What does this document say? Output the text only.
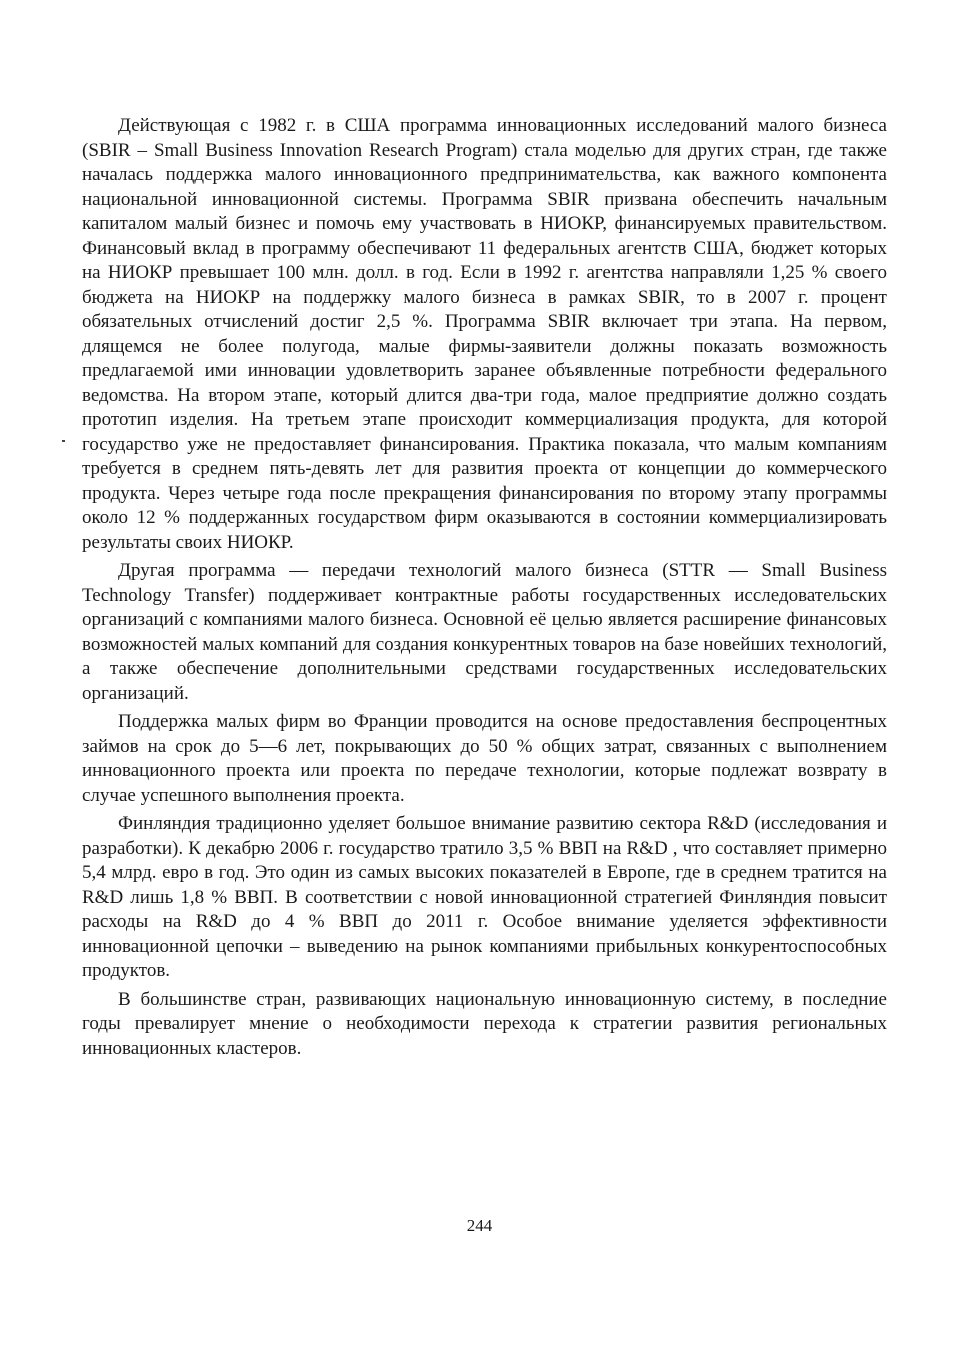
Действующая с 1982 г. в США программа инновационных исследований малого бизнеса (SBIR – Small Business Innovation Research Program) стала моделью для других стран, где также началась поддержка малого инновационного предпринимательства, как важного компонента национальной инновационной системы. Программа SBIR призвана обеспечить начальным капиталом малый бизнес и помочь ему участвовать в НИОКР, финансируемых правительством. Финансовый вклад в программу обеспечивают 11 федеральных агентств США, бюджет которых на НИОКР превышает 100 млн. долл. в год. Если в 1992 г. агентства направляли 1,25 % своего бюджета на НИОКР на поддержку малого бизнеса в рамках SBIR, то в 2007 г. процент обязательных отчислений достиг 2,5 %. Программа SBIR включает три этапа. На первом, длящемся не более полугода, малые фирмы-заявители должны показать возможность предлагаемой ими инновации удовлетворить заранее объявленные потребности федерального ведомства. На втором этапе, который длится два-три года, малое предприятие должно создать прототип изделия. На третьем этапе происходит коммерциализация продукта, для которой государство уже не предоставляет финансирования. Практика показала, что малым компаниям требуется в среднем пять-девять лет для развития проекта от концепции до коммерческого продукта. Через четыре года после прекращения финансирования по второму этапу программы около 12 % поддержанных государством фирм оказываются в состоянии коммерциализировать результаты своих НИОКР.

Другая программа — передачи технологий малого бизнеса (STTR — Small Business Technology Transfer) поддерживает контрактные работы государственных исследовательских организаций с компаниями малого бизнеса. Основной её целью является расширение финансовых возможностей малых компаний для создания конкурентных товаров на базе новейших технологий, а также обеспечение дополнительными средствами государственных исследовательских организаций.

Поддержка малых фирм во Франции проводится на основе предоставления беспроцентных займов на срок до 5—6 лет, покрывающих до 50 % общих затрат, связанных с выполнением инновационного проекта или проекта по передаче технологии, которые подлежат возврату в случае успешного выполнения проекта.

Финляндия традиционно уделяет большое внимание развитию сектора R&D (исследования и разработки). К декабрю 2006 г. государство тратило 3,5 % ВВП на R&D , что составляет примерно 5,4 млрд. евро в год. Это один из самых высоких показателей в Европе, где в среднем тратится на R&D лишь 1,8 % ВВП. В соответствии с новой инновационной стратегией Финляндия повысит расходы на R&D до 4 % ВВП до 2011 г. Особое внимание уделяется эффективности инновационной цепочки – выведению на рынок компаниями прибыльных конкурентоспособных продуктов.

В большинстве стран, развивающих национальную инновационную систему, в последние годы превалирует мнение о необходимости перехода к стратегии развития региональных инновационных кластеров.

244
